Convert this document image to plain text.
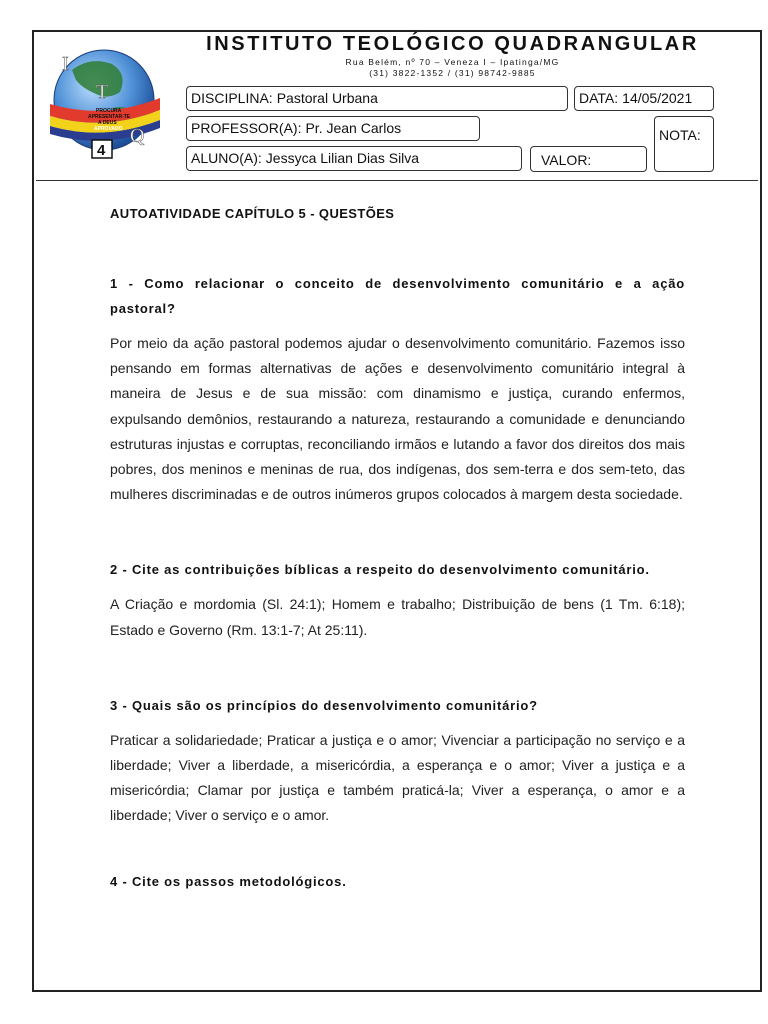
PROCURA
APRESENTAR-TE
A DEUS
APROVADO
I
T
Q
4
INSTITUTO TEOLÓGICO QUADRANGULAR
Rua Belém, nº 70 – Veneza I – Ipatinga/MG
(31) 3822-1352 / (31) 98742-9885
DISCIPLINA: Pastoral Urbana	DATA: 14/05/2021
PROFESSOR(A): Pr. Jean Carlos	NOTA:
ALUNO(A): Jessyca Lilian Dias Silva	VALOR:

AUTOATIVIDADE CAPÍTULO 5 - QUESTÕES

1 - Como relacionar o conceito de desenvolvimento comunitário e a ação pastoral?

Por meio da ação pastoral podemos ajudar o desenvolvimento comunitário. Fazemos isso pensando em formas alternativas de ações e desenvolvimento comunitário integral à maneira de Jesus e de sua missão: com dinamismo e justiça, curando enfermos, expulsando demônios, restaurando a natureza, restaurando a comunidade e denunciando estruturas injustas e corruptas, reconciliando irmãos e lutando a favor dos direitos dos mais pobres, dos meninos e meninas de rua, dos indígenas, dos sem-terra e dos sem-teto, das mulheres discriminadas e de outros inúmeros grupos colocados à margem desta sociedade.

2 - Cite as contribuições bíblicas a respeito do desenvolvimento comunitário.

A Criação e mordomia (Sl. 24:1); Homem e trabalho; Distribuição de bens (1 Tm. 6:18); Estado e Governo (Rm. 13:1-7; At 25:11).

3 - Quais são os princípios do desenvolvimento comunitário?

Praticar a solidariedade; Praticar a justiça e o amor; Vivenciar a participação no serviço e a liberdade; Viver a liberdade, a misericórdia, a esperança e o amor; Viver a justiça e a misericórdia; Clamar por justiça e também praticá-la; Viver a esperança, o amor e a liberdade; Viver o serviço e o amor.

4 - Cite os passos metodológicos.
